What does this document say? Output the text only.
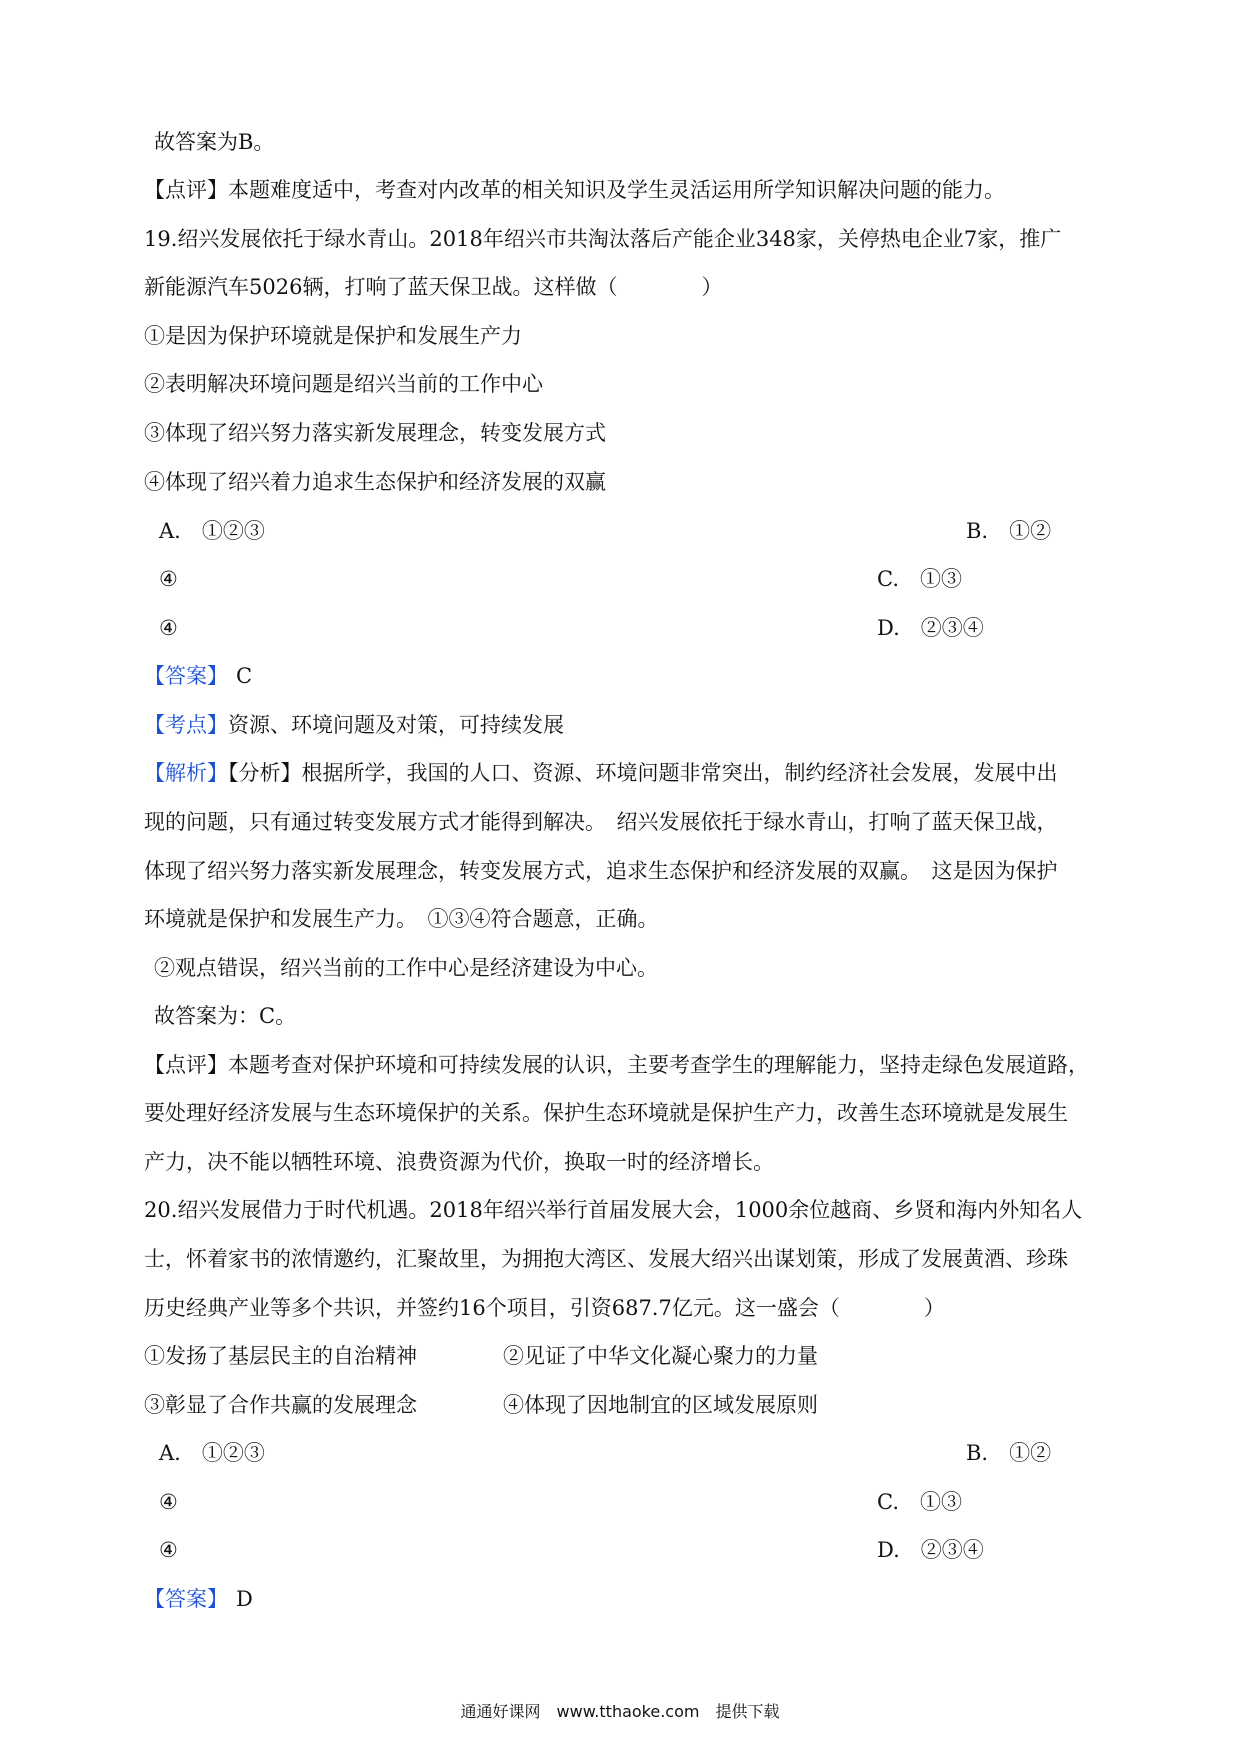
故答案为B。
【点评】本题难度适中，考查对内改革的相关知识及学生灵活运用所学知识解决问题的能力。
19.绍兴发展依托于绿水青山。2018年绍兴市共淘汰落后产能企业348家，关停热电企业7家，推广
新能源汽车5026辆，打响了蓝天保卫战。这样做（　　　　）
①是因为保护环境就是保护和发展生产力
②表明解决环境问题是绍兴当前的工作中心
③体现了绍兴努力落实新发展理念，转变发展方式
④体现了绍兴着力追求生态保护和经济发展的双赢
A.　①②③	B.　①②
④	C.　①③
④	D.　②③④
【答案】 C
【考点】资源、环境问题及对策，可持续发展
【解析】【分析】根据所学，我国的人口、资源、环境问题非常突出，制约经济社会发展，发展中出
现的问题，只有通过转变发展方式才能得到解决。　绍兴发展依托于绿水青山，打响了蓝天保卫战，
体现了绍兴努力落实新发展理念，转变发展方式，追求生态保护和经济发展的双赢。　这是因为保护
环境就是保护和发展生产力。　①③④符合题意，正确。
②观点错误，绍兴当前的工作中心是经济建设为中心。
故答案为：C。
【点评】本题考查对保护环境和可持续发展的认识，主要考查学生的理解能力，坚持走绿色发展道路，
要处理好经济发展与生态环境保护的关系。保护生态环境就是保护生产力，改善生态环境就是发展生
产力，决不能以牺牲环境、浪费资源为代价，换取一时的经济增长。
20.绍兴发展借力于时代机遇。2018年绍兴举行首届发展大会，1000余位越商、乡贤和海内外知名人
士，怀着家书的浓情邀约，汇聚故里，为拥抱大湾区、发展大绍兴出谋划策，形成了发展黄酒、珍珠
历史经典产业等多个共识，并签约16个项目，引资687.7亿元。这一盛会（　　　　）
①发扬了基层民主的自治精神	②见证了中华文化凝心聚力的力量
③彰显了合作共赢的发展理念	④体现了因地制宜的区域发展原则
A.　①②③	B.　①②
④	C.　①③
④	D.　②③④
【答案】 D
通通好课网　www.tthaoke.com　提供下载
